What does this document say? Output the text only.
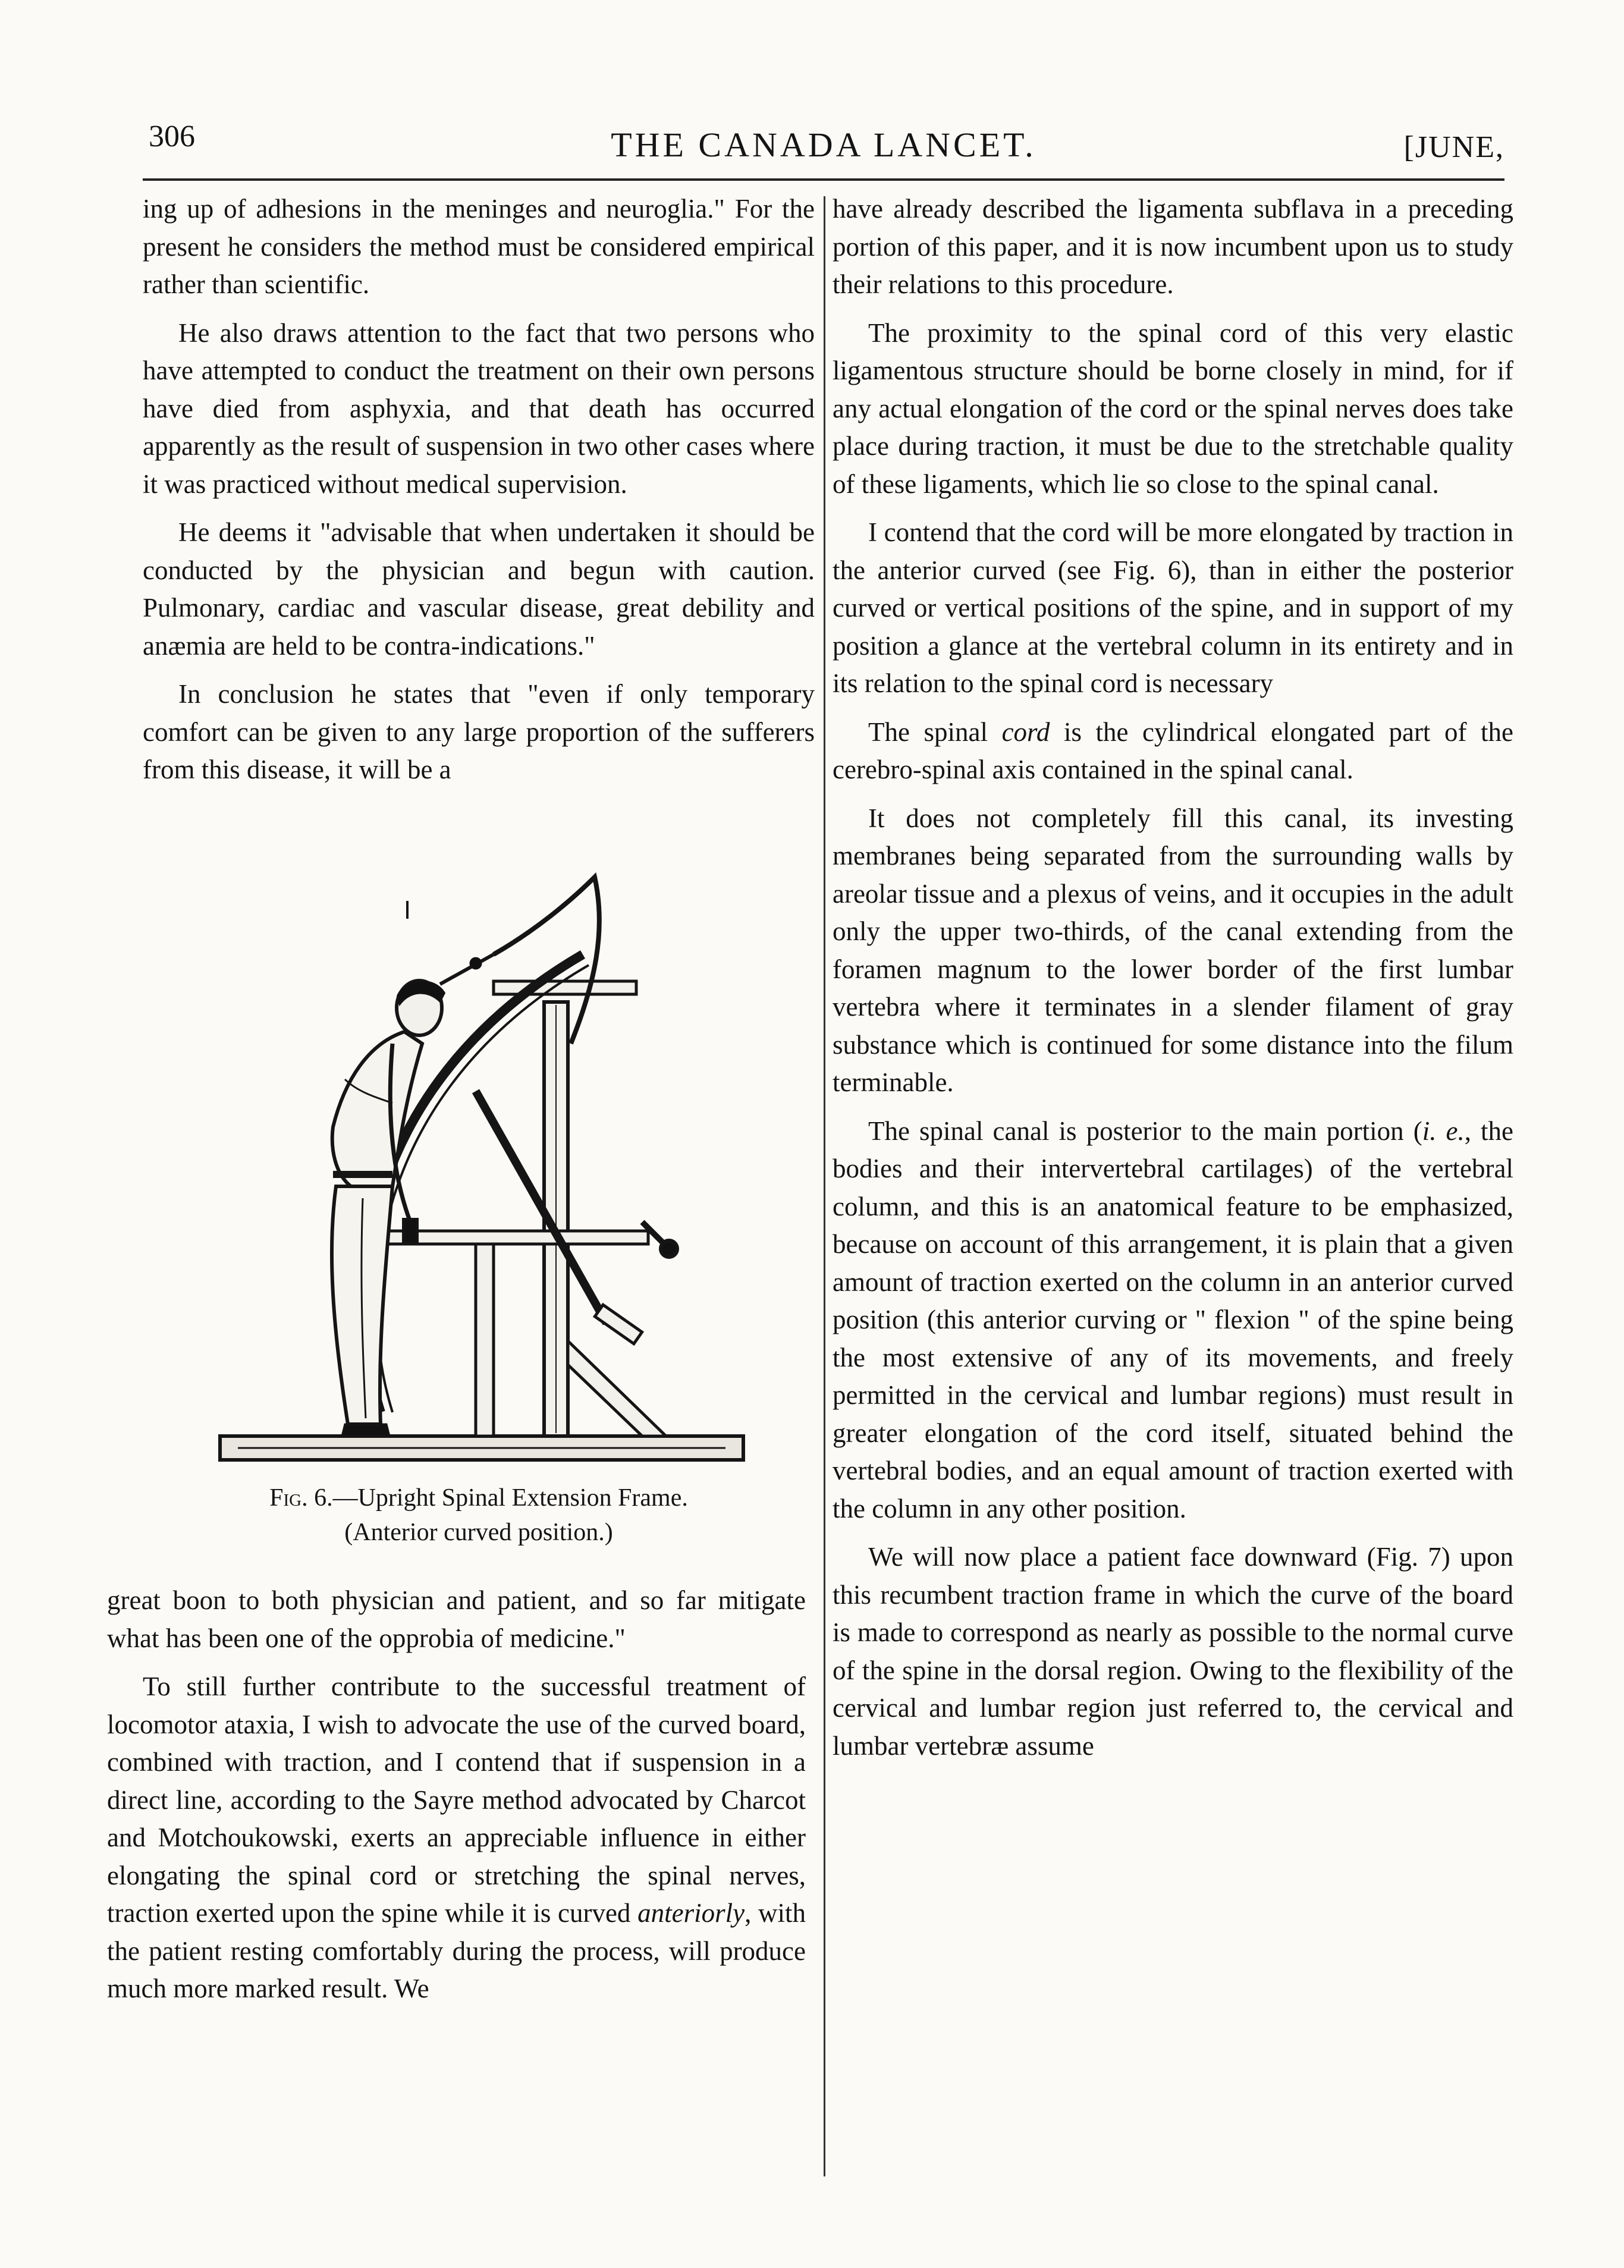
306	THE CANADA LANCET.	[JUNE,

ing up of adhesions in the meninges and neuroglia." For the present he considers the method must be considered empirical rather than scientific.

He also draws attention to the fact that two persons who have attempted to conduct the treatment on their own persons have died from asphyxia, and that death has occurred apparently as the result of suspension in two other cases where it was practiced without medical supervision.

He deems it "advisable that when undertaken it should be conducted by the physician and begun with caution. Pulmonary, cardiac and vascular disease, great debility and anæmia are held to be contra-indications."

In conclusion he states that "even if only temporary comfort can be given to any large proportion of the sufferers from this disease, it will be a

Fig. 6.—Upright Spinal Extension Frame.
(Anterior curved position.)

great boon to both physician and patient, and so far mitigate what has been one of the opprobia of medicine."

To still further contribute to the successful treatment of locomotor ataxia, I wish to advocate the use of the curved board, combined with traction, and I contend that if suspension in a direct line, according to the Sayre method advocated by Charcot and Motchoukowski, exerts an appreciable influence in either elongating the spinal cord or stretching the spinal nerves, traction exerted upon the spine while it is curved anteriorly, with the patient resting comfortably during the process, will produce much more marked result. We

have already described the ligamenta subflava in a preceding portion of this paper, and it is now incumbent upon us to study their relations to this procedure.

The proximity to the spinal cord of this very elastic ligamentous structure should be borne closely in mind, for if any actual elongation of the cord or the spinal nerves does take place during traction, it must be due to the stretchable quality of these ligaments, which lie so close to the spinal canal.

I contend that the cord will be more elongated by traction in the anterior curved (see Fig. 6), than in either the posterior curved or vertical positions of the spine, and in support of my position a glance at the vertebral column in its entirety and in its relation to the spinal cord is necessary

The spinal cord is the cylindrical elongated part of the cerebro-spinal axis contained in the spinal canal.

It does not completely fill this canal, its investing membranes being separated from the surrounding walls by areolar tissue and a plexus of veins, and it occupies in the adult only the upper two-thirds, of the canal extending from the foramen magnum to the lower border of the first lumbar vertebra where it terminates in a slender filament of gray substance which is continued for some distance into the filum terminable.

The spinal canal is posterior to the main portion (i. e., the bodies and their intervertebral cartilages) of the vertebral column, and this is an anatomical feature to be emphasized, because on account of this arrangement, it is plain that a given amount of traction exerted on the column in an anterior curved position (this anterior curving or " flexion " of the spine being the most extensive of any of its movements, and freely permitted in the cervical and lumbar regions) must result in greater elongation of the cord itself, situated behind the vertebral bodies, and an equal amount of traction exerted with the column in any other position.

We will now place a patient face downward (Fig. 7) upon this recumbent traction frame in which the curve of the board is made to correspond as nearly as possible to the normal curve of the spine in the dorsal region. Owing to the flexibility of the cervical and lumbar region just referred to, the cervical and lumbar vertebræ assume
